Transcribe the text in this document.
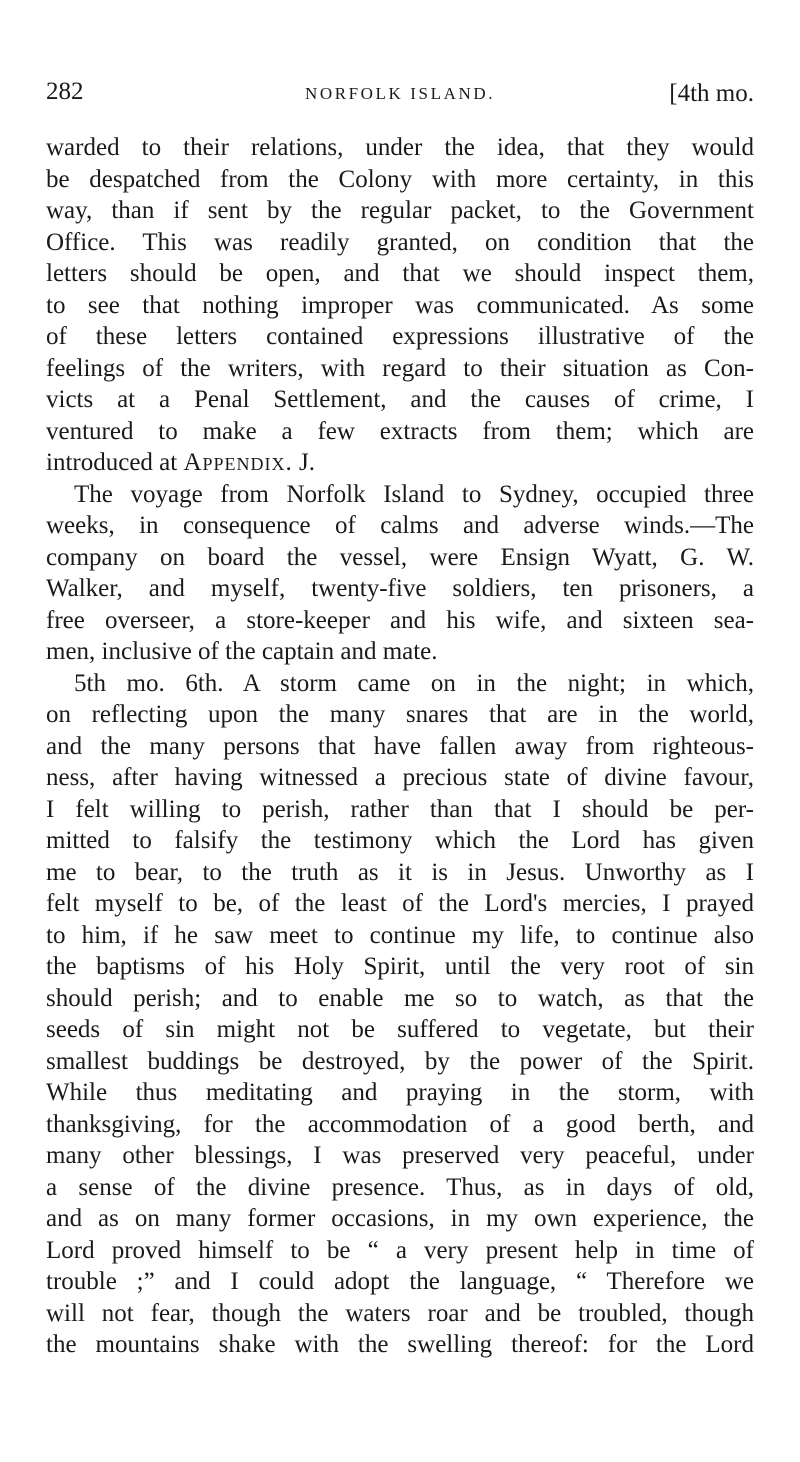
282	NORFOLK ISLAND.	[4th mo.
warded to their relations, under the idea, that they would
be despatched from the Colony with more certainty, in this
way, than if sent by the regular packet, to the Government
Office. This was readily granted, on condition that the
letters should be open, and that we should inspect them,
to see that nothing improper was communicated. As some
of these letters contained expressions illustrative of the
feelings of the writers, with regard to their situation as Con-
victs at a Penal Settlement, and the causes of crime, I
ventured to make a few extracts from them; which are
introduced at Appendix. J.
The voyage from Norfolk Island to Sydney, occupied three
weeks, in consequence of calms and adverse winds.—The
company on board the vessel, were Ensign Wyatt, G. W.
Walker, and myself, twenty-five soldiers, ten prisoners, a
free overseer, a store-keeper and his wife, and sixteen sea-
men, inclusive of the captain and mate.
5th mo. 6th. A storm came on in the night; in which,
on reflecting upon the many snares that are in the world,
and the many persons that have fallen away from righteous-
ness, after having witnessed a precious state of divine favour,
I felt willing to perish, rather than that I should be per-
mitted to falsify the testimony which the Lord has given
me to bear, to the truth as it is in Jesus. Unworthy as I
felt myself to be, of the least of the Lord's mercies, I prayed
to him, if he saw meet to continue my life, to continue also
the baptisms of his Holy Spirit, until the very root of sin
should perish; and to enable me so to watch, as that the
seeds of sin might not be suffered to vegetate, but their
smallest buddings be destroyed, by the power of the Spirit.
While thus meditating and praying in the storm, with
thanksgiving, for the accommodation of a good berth, and
many other blessings, I was preserved very peaceful, under
a sense of the divine presence. Thus, as in days of old,
and as on many former occasions, in my own experience, the
Lord proved himself to be “ a very present help in time of
trouble ;” and I could adopt the language, “ Therefore we
will not fear, though the waters roar and be troubled, though
the mountains shake with the swelling thereof: for the Lord
